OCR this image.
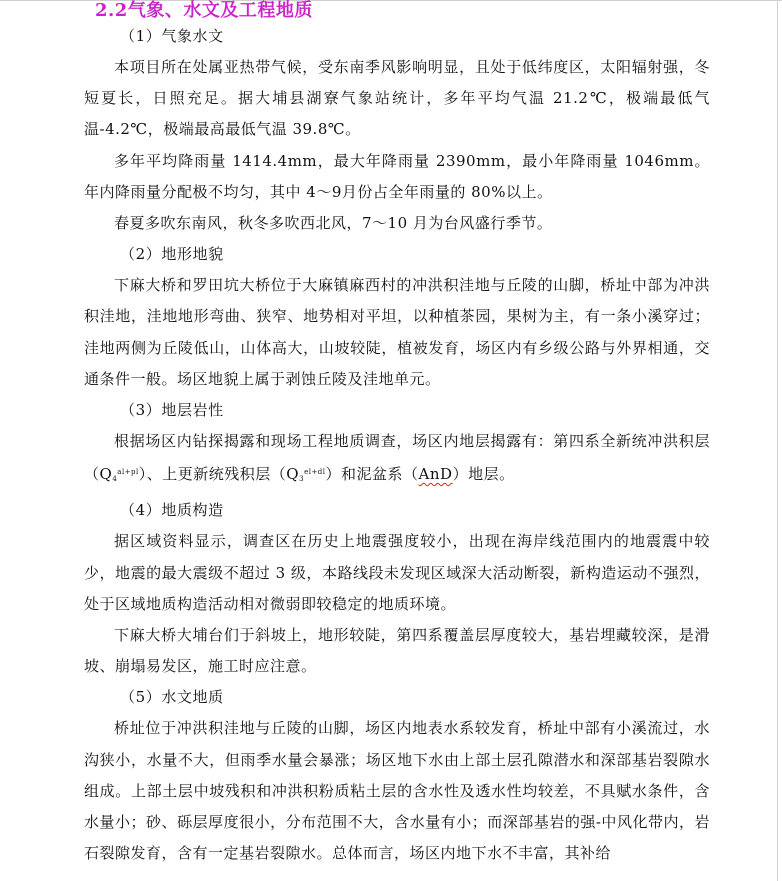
2.2气象、水文及工程地质

（1）气象水文

本项目所在处属亚热带气候，受东南季风影响明显，且处于低纬度区，太阳辐射强，冬短夏长，日照充足。据大埔县湖寮气象站统计，多年平均气温 21.2℃，极端最低气温-4.2℃，极端最高最低气温 39.8℃。

多年平均降雨量 1414.4mm，最大年降雨量 2390mm，最小年降雨量 1046mm。年内降雨量分配极不均匀，其中 4～9月份占全年雨量的 80%以上。

春夏多吹东南风，秋冬多吹西北风，7～10 月为台风盛行季节。

（2）地形地貌

下麻大桥和罗田坑大桥位于大麻镇麻西村的冲洪积洼地与丘陵的山脚，桥址中部为冲洪积洼地，洼地地形弯曲、狭窄、地势相对平坦，以种植茶园，果树为主，有一条小溪穿过；洼地两侧为丘陵低山，山体高大，山坡较陡，植被发育，场区内有乡级公路与外界相通，交通条件一般。场区地貌上属于剥蚀丘陵及洼地单元。

（3）地层岩性

根据场区内钻探揭露和现场工程地质调查，场区内地层揭露有：第四系全新统冲洪积层$(Q_4^{al+pl})$、上更新统残积层$(Q_3^{el+dl})$和泥盆系（AnD）地层。

（4）地质构造

据区域资料显示，调查区在历史上地震强度较小，出现在海岸线范围内的地震震中较少，地震的最大震级不超过 3 级，本路线段未发现区域深大活动断裂，新构造运动不强烈，处于区域地质构造活动相对微弱即较稳定的地质环境。

下麻大桥大埔台们于斜坡上，地形较陡，第四系覆盖层厚度较大，基岩埋藏较深，是滑坡、崩塌易发区，施工时应注意。

（5）水文地质

桥址位于冲洪积洼地与丘陵的山脚，场区内地表水系较发育，桥址中部有小溪流过，水沟狭小，水量不大，但雨季水量会暴涨；场区地下水由上部土层孔隙潜水和深部基岩裂隙水组成。上部土层中坡残积和冲洪积粉质粘土层的含水性及透水性均较差，不具赋水条件，含水量小；砂、砾层厚度很小，分布范围不大，含水量有小；而深部基岩的强-中风化带内，岩石裂隙发育，含有一定基岩裂隙水。总体而言，场区内地下水不丰富，其补给
